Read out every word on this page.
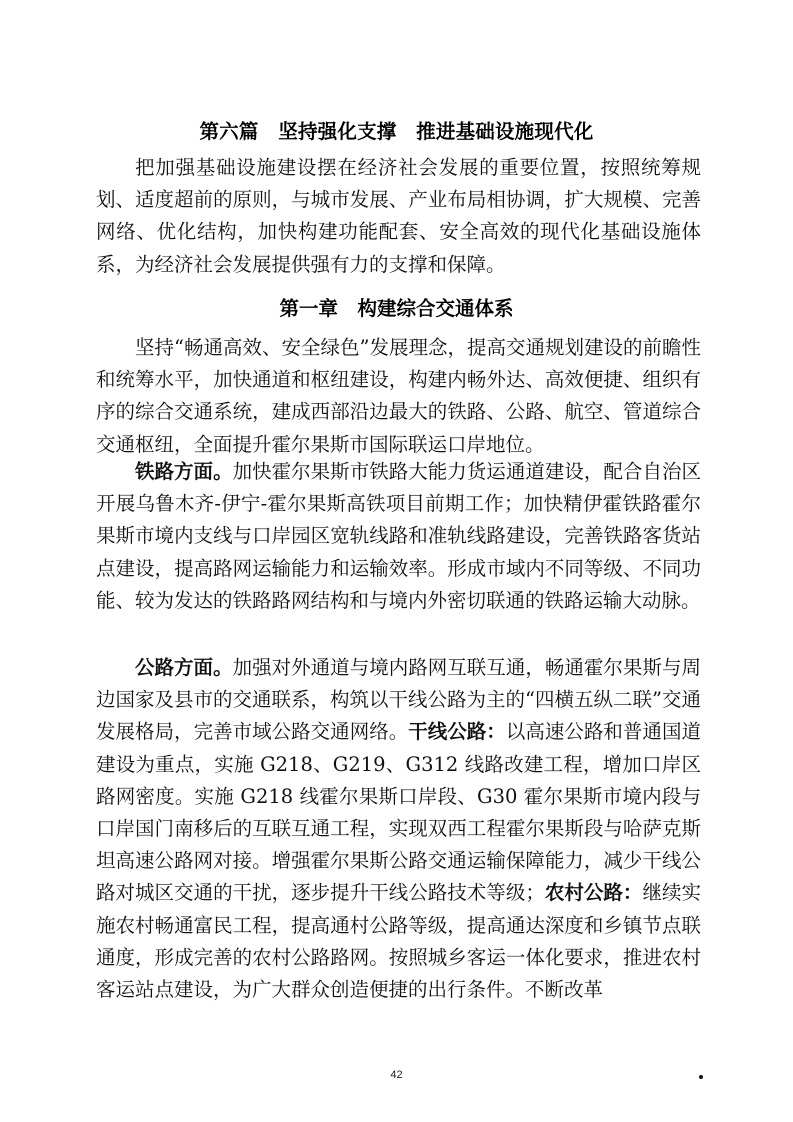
第六篇　坚持强化支撑　推进基础设施现代化

把加强基础设施建设摆在经济社会发展的重要位置，按照统筹规划、适度超前的原则，与城市发展、产业布局相协调，扩大规模、完善网络、优化结构，加快构建功能配套、安全高效的现代化基础设施体系，为经济社会发展提供强有力的支撑和保障。

第一章　构建综合交通体系

坚持“畅通高效、安全绿色”发展理念，提高交通规划建设的前瞻性和统筹水平，加快通道和枢纽建设，构建内畅外达、高效便捷、组织有序的综合交通系统，建成西部沿边最大的铁路、公路、航空、管道综合交通枢纽，全面提升霍尔果斯市国际联运口岸地位。

铁路方面。加快霍尔果斯市铁路大能力货运通道建设，配合自治区开展乌鲁木齐-伊宁-霍尔果斯高铁项目前期工作；加快精伊霍铁路霍尔果斯市境内支线与口岸园区宽轨线路和准轨线路建设，完善铁路客货站点建设，提高路网运输能力和运输效率。形成市域内不同等级、不同功能、较为发达的铁路路网结构和与境内外密切联通的铁路运输大动脉。

公路方面。加强对外通道与境内路网互联互通，畅通霍尔果斯与周边国家及县市的交通联系，构筑以干线公路为主的“四横五纵二联”交通发展格局，完善市域公路交通网络。干线公路：以高速公路和普通国道建设为重点，实施 G218、G219、G312 线路改建工程，增加口岸区路网密度。实施 G218 线霍尔果斯口岸段、G30 霍尔果斯市境内段与口岸国门南移后的互联互通工程，实现双西工程霍尔果斯段与哈萨克斯坦高速公路网对接。增强霍尔果斯公路交通运输保障能力，减少干线公路对城区交通的干扰，逐步提升干线公路技术等级；农村公路：继续实施农村畅通富民工程，提高通村公路等级，提高通达深度和乡镇节点联通度，形成完善的农村公路路网。按照城乡客运一体化要求，推进农村客运站点建设，为广大群众创造便捷的出行条件。不断改革

42
